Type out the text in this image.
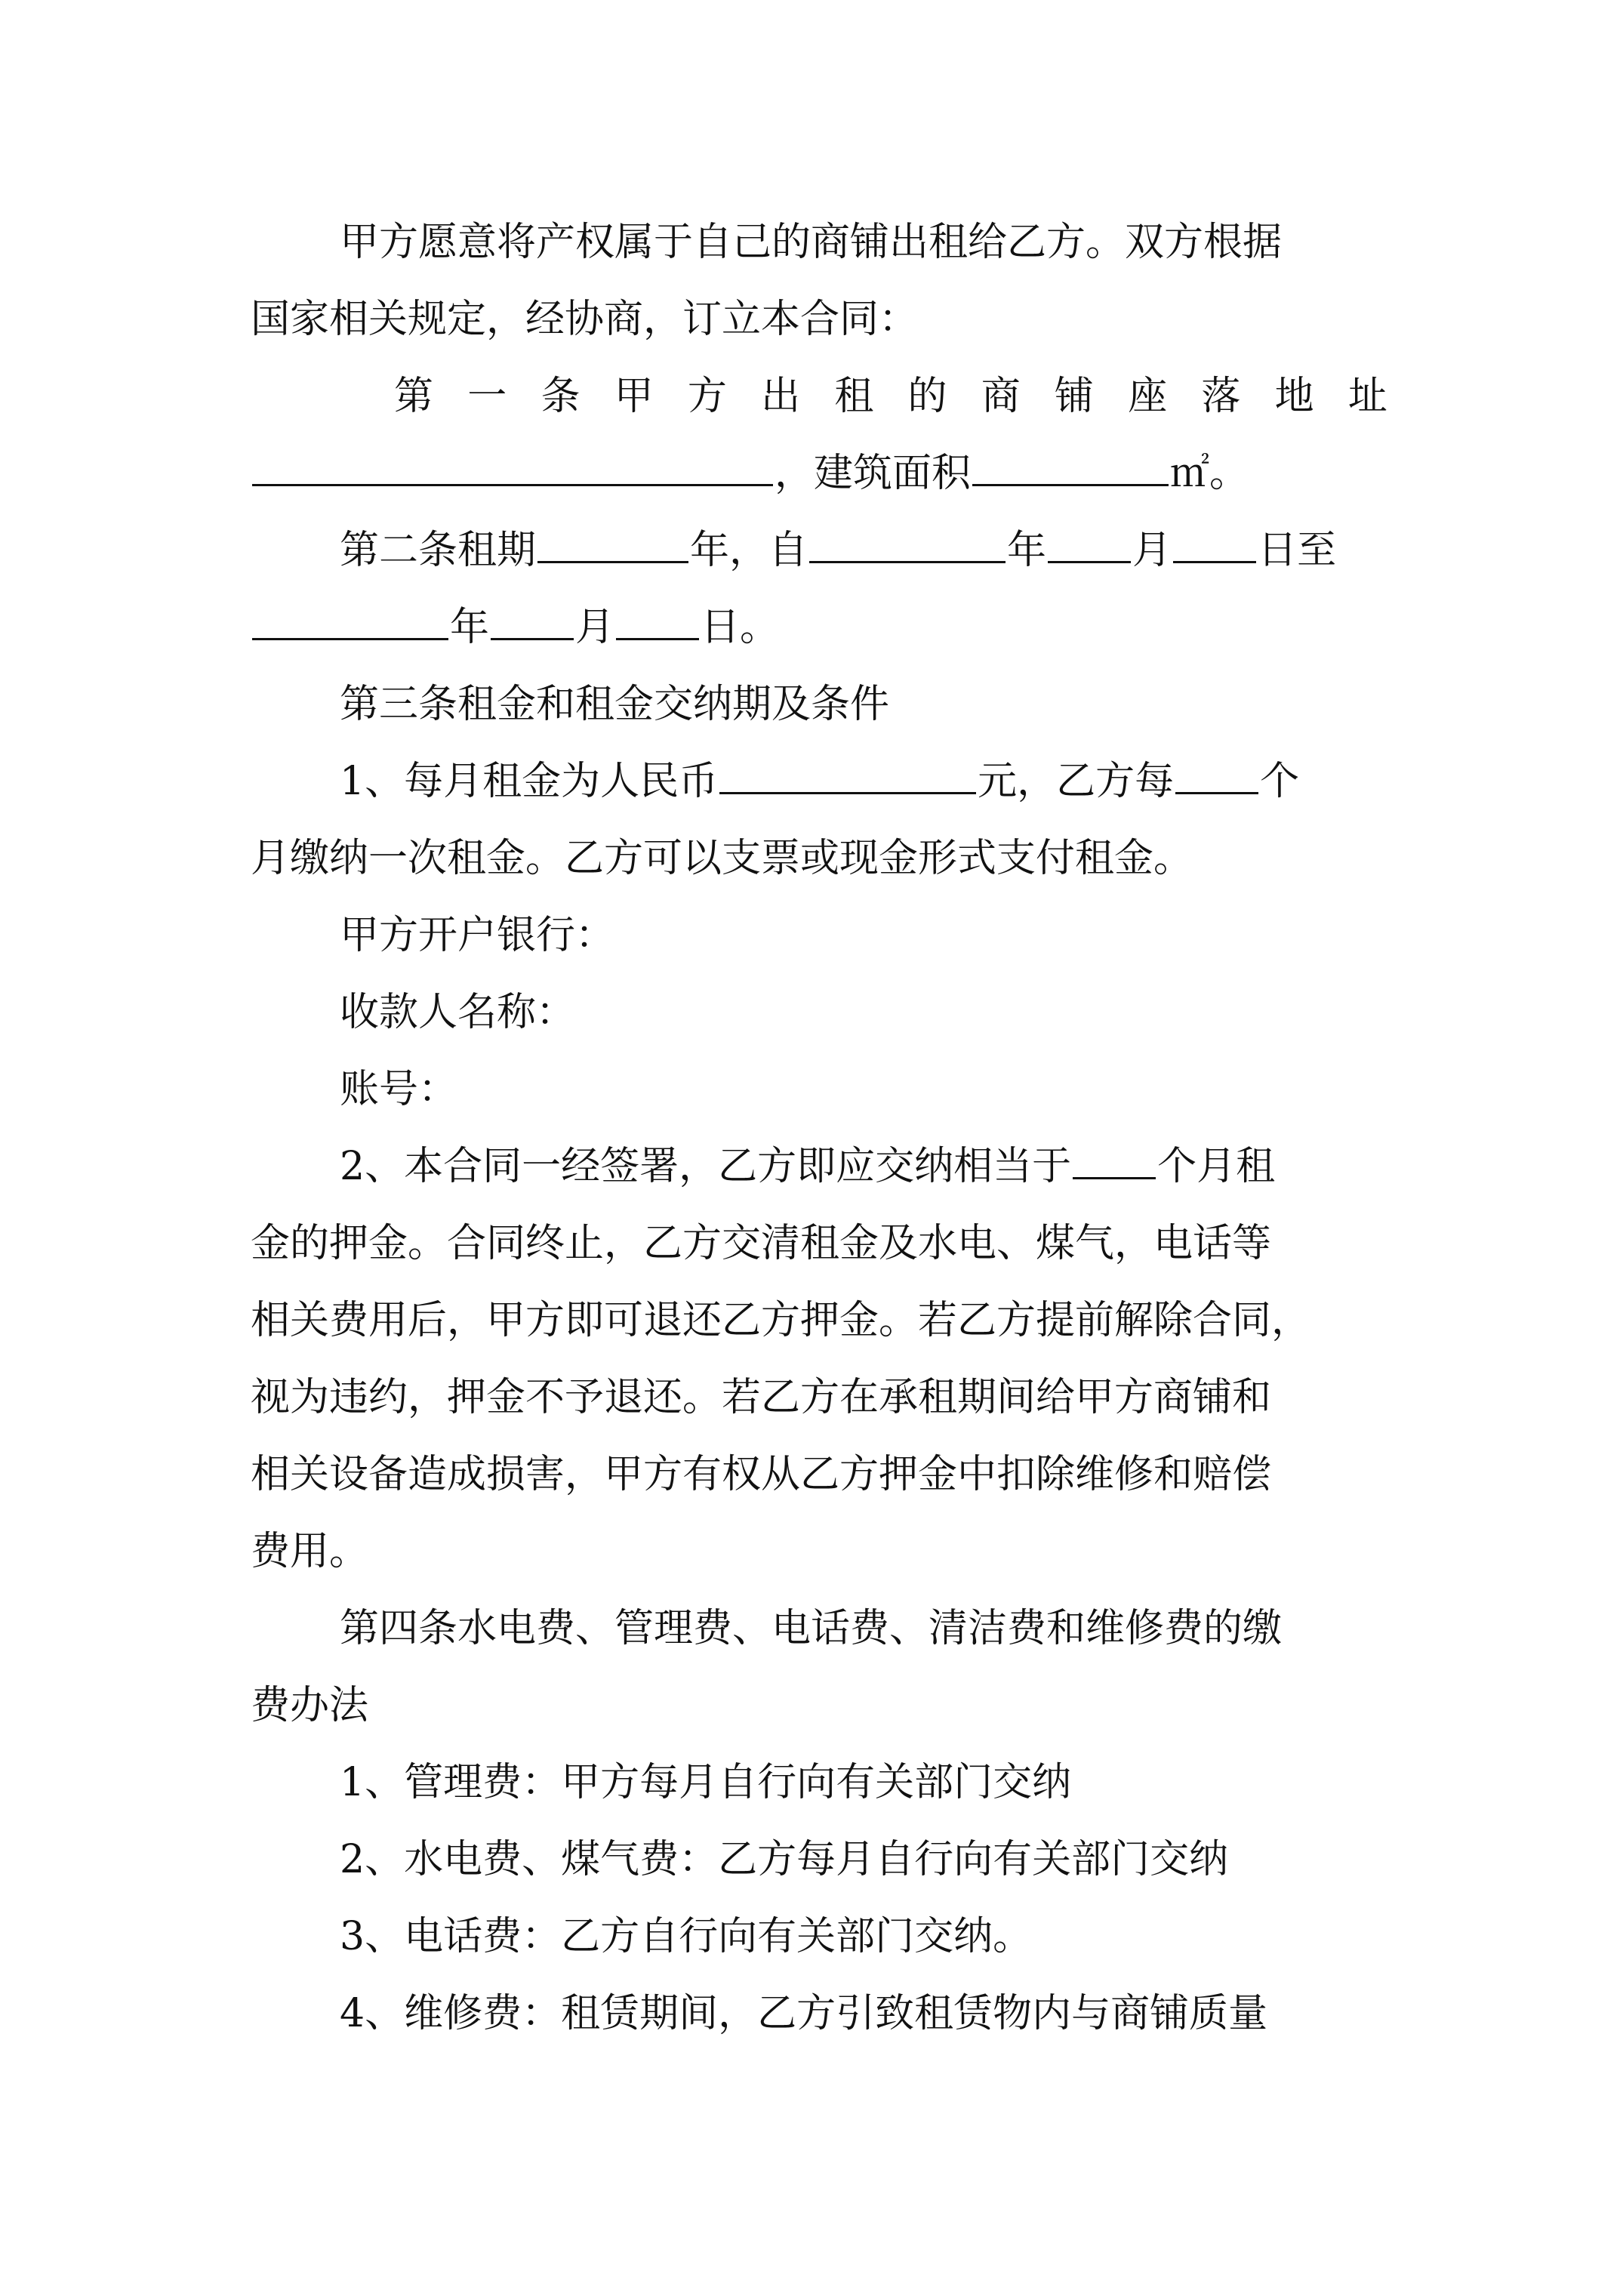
甲方愿意将产权属于自己的商铺出租给乙方。双方根据
国家相关规定，经协商，订立本合同：
第 一 条 甲 方 出 租 的 商 铺 座 落 地 址
，建筑面积	㎡。
第二条租期	年，自	年 月 日至
年 月 日。
第三条租金和租金交纳期及条件
1、每月租金为人民币	元，乙方每 个
月缴纳一次租金。乙方可以支票或现金形式支付租金。
甲方开户银行：
收款人名称：
账号：
2、本合同一经签署，乙方即应交纳相当于 个月租
金的押金。合同终止，乙方交清租金及水电、煤气，电话等
相关费用后，甲方即可退还乙方押金。若乙方提前解除合同，
视为违约，押金不予退还。若乙方在承租期间给甲方商铺和
相关设备造成损害，甲方有权从乙方押金中扣除维修和赔偿
费用。
第四条水电费、管理费、电话费、清洁费和维修费的缴
费办法
1、管理费：甲方每月自行向有关部门交纳
2、水电费、煤气费：乙方每月自行向有关部门交纳
3、电话费：乙方自行向有关部门交纳。
4、维修费：租赁期间，乙方引致租赁物内与商铺质量
